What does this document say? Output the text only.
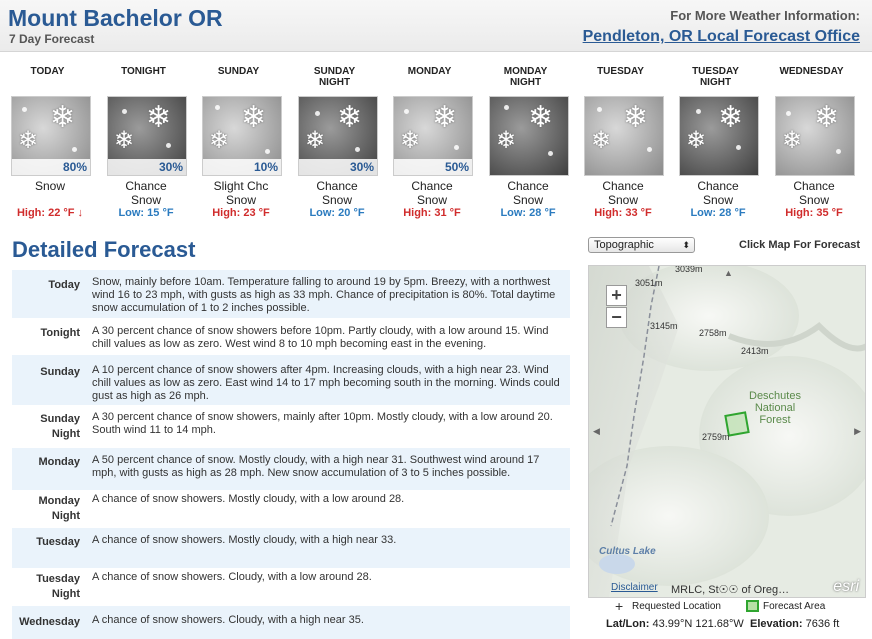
Mount Bachelor OR
7 Day Forecast
For More Weather Information:
Pendleton, OR Local Forecast Office
TODAY

❄
❄
80%
Snow

High: 22 °F ↓
TONIGHT

❄
❄
30%
Chance
Snow
Low: 15 °F
SUNDAY

❄
❄
10%
Slight Chc
Snow
High: 23 °F
SUNDAY
NIGHT
❄
❄
30%
Chance
Snow
Low: 20 °F
MONDAY

❄
❄
50%
Chance
Snow
High: 31 °F
MONDAY
NIGHT
❄
❄
Chance
Snow
Low: 28 °F
TUESDAY

❄
❄
Chance
Snow
High: 33 °F
TUESDAY
NIGHT
❄
❄
Chance
Snow
Low: 28 °F
WEDNESDAY

❄
❄
Chance
Snow
High: 35 °F
Detailed Forecast
Today Snow, mainly before 10am. Temperature falling to around 19 by 5pm. Breezy, with a northwest wind 16 to 23 mph, with gusts as high as 33 mph. Chance of precipitation is 80%. Total daytime snow accumulation of 1 to 2 inches possible.
Tonight A 30 percent chance of snow showers before 10pm. Partly cloudy, with a low around 15. Wind chill values as low as zero. West wind 8 to 10 mph becoming east in the evening.
Sunday A 10 percent chance of snow showers after 4pm. Increasing clouds, with a high near 23. Wind chill values as low as zero. East wind 14 to 17 mph becoming south in the morning. Winds could gust as high as 26 mph.
Sunday
Night
A 30 percent chance of snow showers, mainly after 10pm. Mostly cloudy, with a low around 20. South wind 11 to 14 mph.
Monday A 50 percent chance of snow. Mostly cloudy, with a high near 31. Southwest wind around 17 mph, with gusts as high as 28 mph. New snow accumulation of 3 to 5 inches possible.
Monday
Night
A chance of snow showers. Mostly cloudy, with a low around 28.
Tuesday A chance of snow showers. Mostly cloudy, with a high near 33.
Tuesday
Night
A chance of snow showers. Cloudy, with a low around 28.
Wednesday A chance of snow showers. Cloudy, with a high near 35.
Topographic	⬍	Click Map For Forecast
+
−
▲
◀	▶
3039m
3051m
3145m
2758m
2413m
2759m
Deschutes National Forest
Cultus Lake
Disclaimer MRLC, St☉☉ of Oreg…	esri
+ Requested Location	Forecast Area
Lat/Lon: 43.99°N 121.68°W Elevation: 7636 ft
